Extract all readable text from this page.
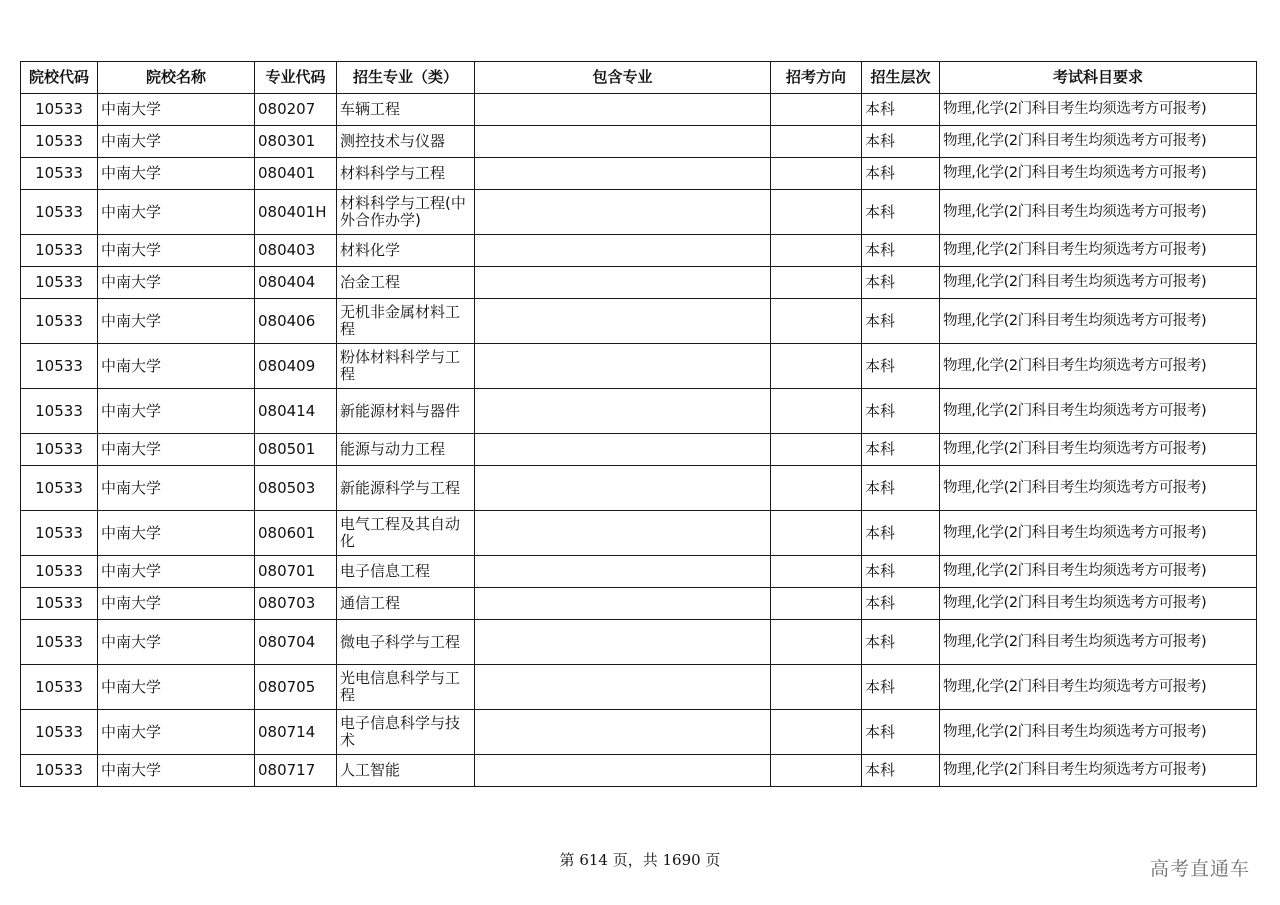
院校代码	院校名称	专业代码	招生专业（类）	包含专业	招考方向	招生层次	考试科目要求
10533	中南大学	080207	车辆工程			本科	物理,化学(2门科目考生均须选考方可报考)
10533	中南大学	080301	测控技术与仪器			本科	物理,化学(2门科目考生均须选考方可报考)
10533	中南大学	080401	材料科学与工程			本科	物理,化学(2门科目考生均须选考方可报考)
10533	中南大学	080401H	材料科学与工程(中外合作办学)			本科	物理,化学(2门科目考生均须选考方可报考)
10533	中南大学	080403	材料化学			本科	物理,化学(2门科目考生均须选考方可报考)
10533	中南大学	080404	冶金工程			本科	物理,化学(2门科目考生均须选考方可报考)
10533	中南大学	080406	无机非金属材料工程			本科	物理,化学(2门科目考生均须选考方可报考)
10533	中南大学	080409	粉体材料科学与工程			本科	物理,化学(2门科目考生均须选考方可报考)
10533	中南大学	080414	新能源材料与器件			本科	物理,化学(2门科目考生均须选考方可报考)
10533	中南大学	080501	能源与动力工程			本科	物理,化学(2门科目考生均须选考方可报考)
10533	中南大学	080503	新能源科学与工程			本科	物理,化学(2门科目考生均须选考方可报考)
10533	中南大学	080601	电气工程及其自动化			本科	物理,化学(2门科目考生均须选考方可报考)
10533	中南大学	080701	电子信息工程			本科	物理,化学(2门科目考生均须选考方可报考)
10533	中南大学	080703	通信工程			本科	物理,化学(2门科目考生均须选考方可报考)
10533	中南大学	080704	微电子科学与工程			本科	物理,化学(2门科目考生均须选考方可报考)
10533	中南大学	080705	光电信息科学与工程			本科	物理,化学(2门科目考生均须选考方可报考)
10533	中南大学	080714	电子信息科学与技术			本科	物理,化学(2门科目考生均须选考方可报考)
10533	中南大学	080717	人工智能			本科	物理,化学(2门科目考生均须选考方可报考)
第 614 页，共 1690 页	高考直通车
